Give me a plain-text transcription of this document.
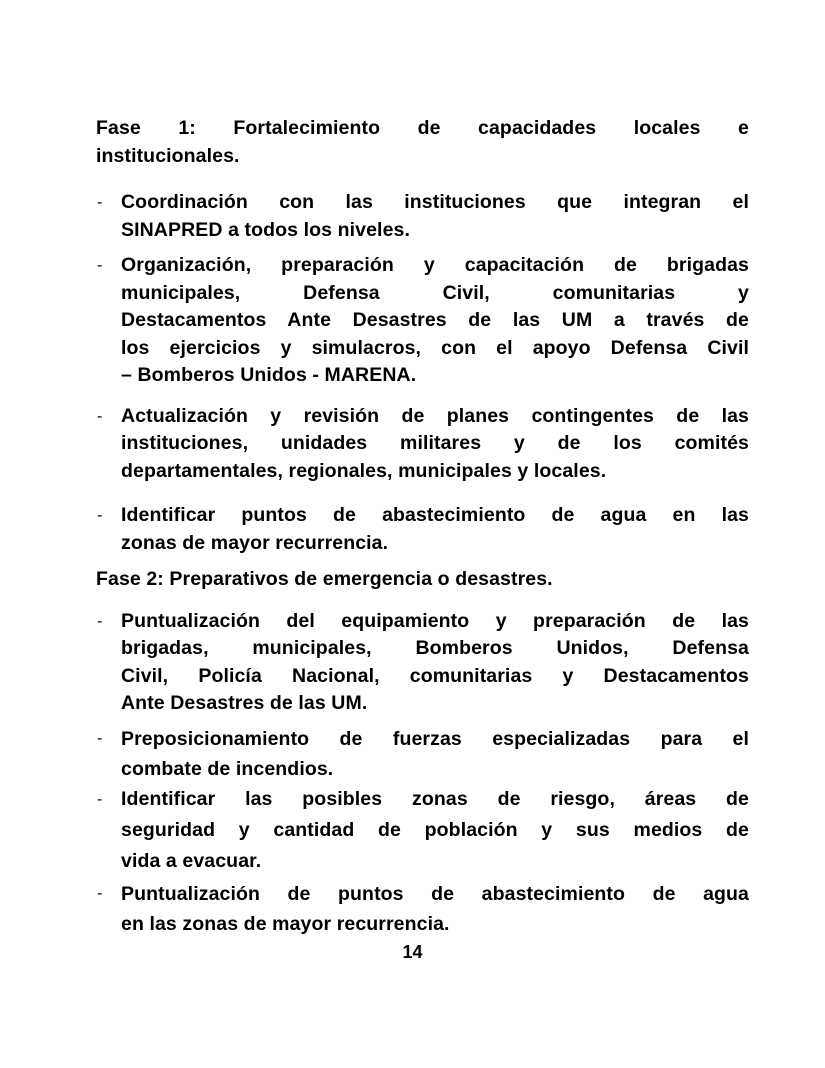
Fase 1: Fortalecimiento de capacidades locales e
institucionales.
- Coordinación con las instituciones que integran el
SINAPRED a todos los niveles.
- Organización, preparación y capacitación de brigadas
municipales, Defensa Civil, comunitarias y
Destacamentos Ante Desastres de las UM a través de
los ejercicios y simulacros, con el apoyo Defensa Civil
– Bomberos Unidos - MARENA.
- Actualización y revisión de planes contingentes de las
instituciones, unidades militares y de los comités
departamentales, regionales, municipales y locales.
- Identificar puntos de abastecimiento de agua en las
zonas de mayor recurrencia.
Fase 2: Preparativos de emergencia o desastres.
- Puntualización del equipamiento y preparación de las
brigadas, municipales, Bomberos Unidos, Defensa
Civil, Policía Nacional, comunitarias y Destacamentos
Ante Desastres de las UM.
- Preposicionamiento de fuerzas especializadas para el
combate de incendios.
- Identificar las posibles zonas de riesgo, áreas de
seguridad y cantidad de población y sus medios de
vida a evacuar.
- Puntualización de puntos de abastecimiento de agua
en las zonas de mayor recurrencia.
14
